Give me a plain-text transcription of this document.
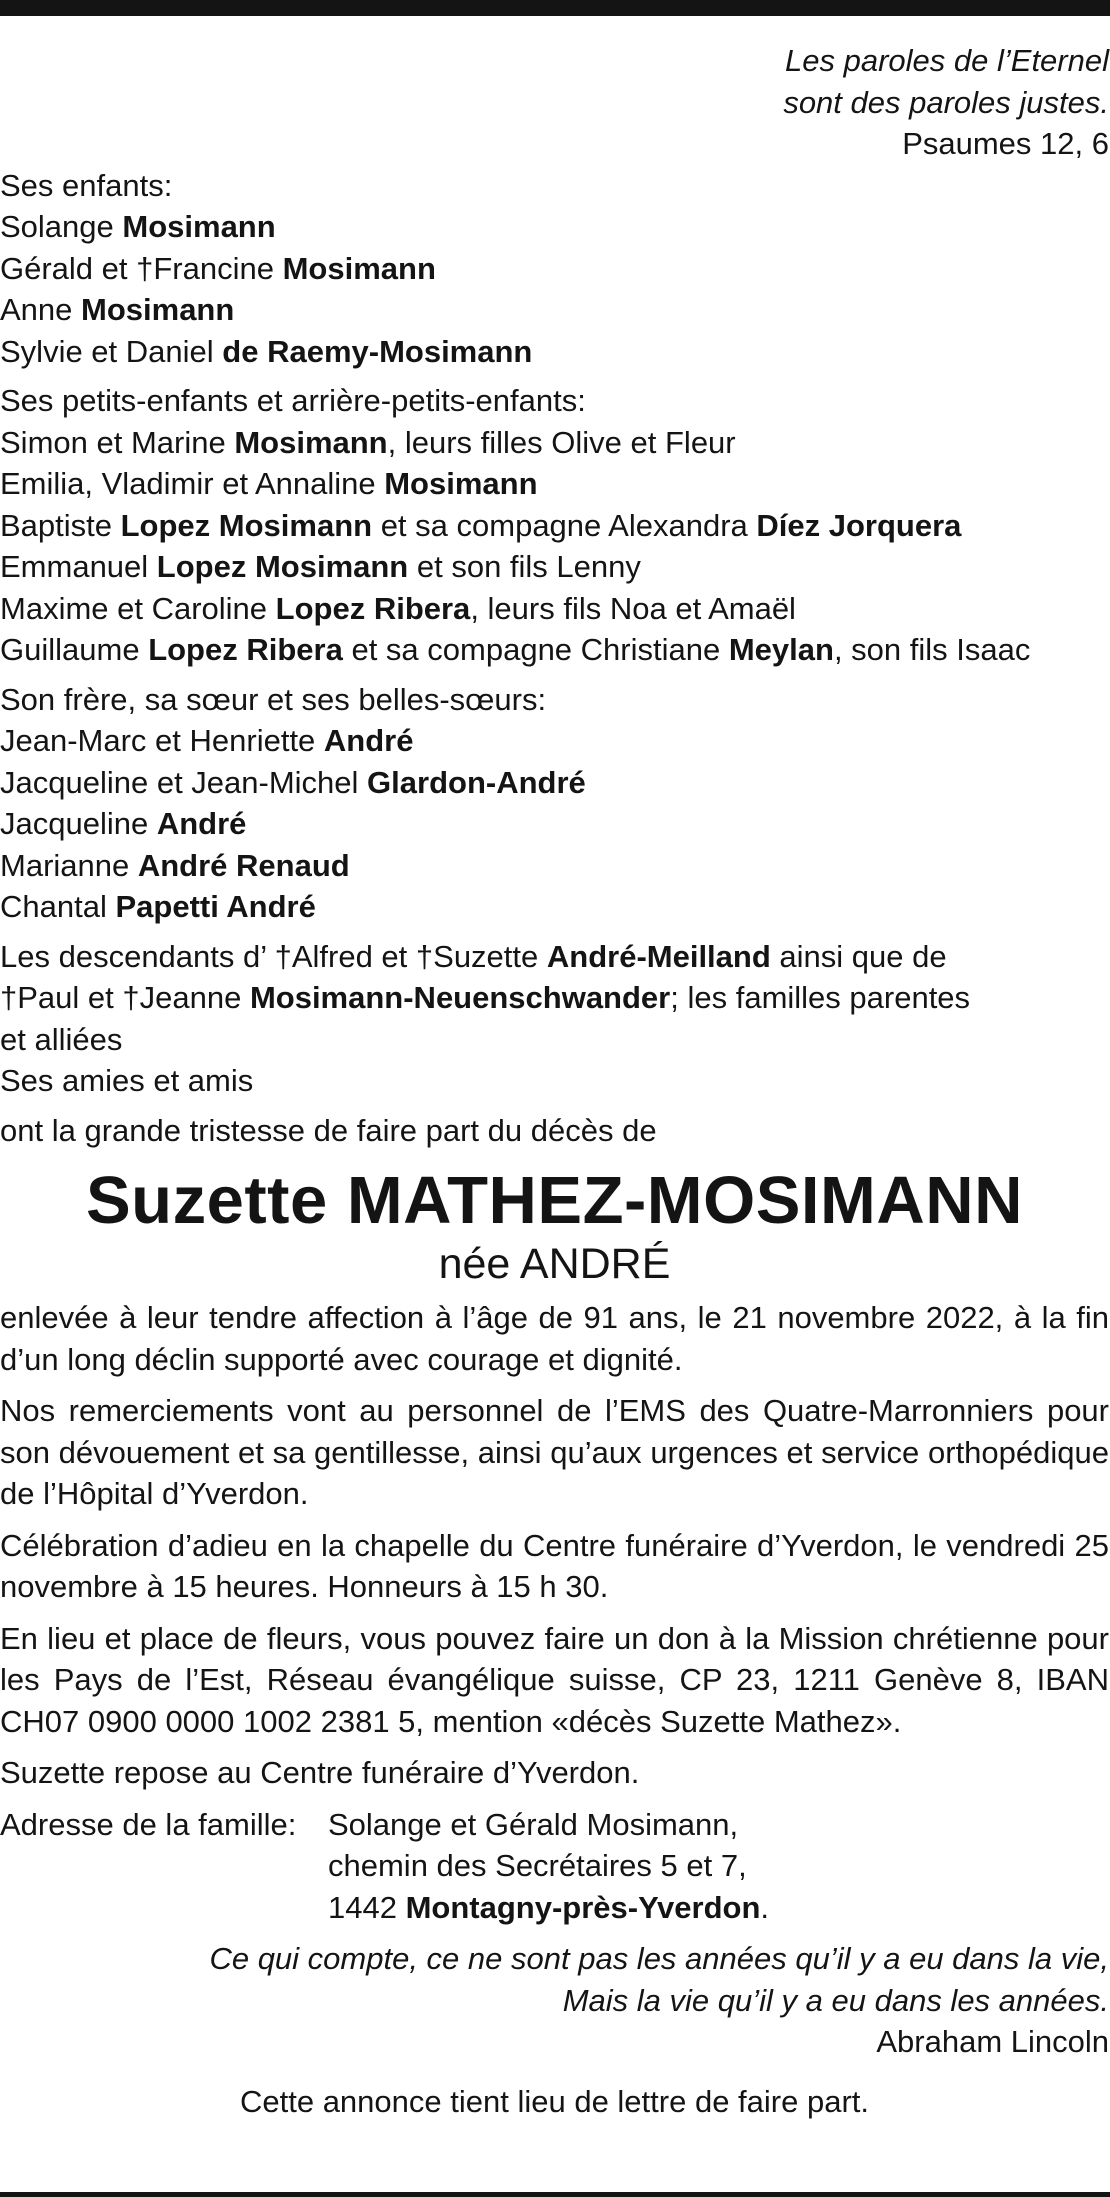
Les paroles de l’Eternel
sont des paroles justes.
Psaumes 12, 6
Ses enfants:
Solange Mosimann
Gérald et †Francine Mosimann
Anne Mosimann
Sylvie et Daniel de Raemy-Mosimann
Ses petits-enfants et arrière-petits-enfants:
Simon et Marine Mosimann, leurs filles Olive et Fleur
Emilia, Vladimir et Annaline Mosimann
Baptiste Lopez Mosimann et sa compagne Alexandra Díez Jorquera
Emmanuel Lopez Mosimann et son fils Lenny
Maxime et Caroline Lopez Ribera, leurs fils Noa et Amaël
Guillaume Lopez Ribera et sa compagne Christiane Meylan, son fils Isaac
Son frère, sa sœur et ses belles-sœurs:
Jean-Marc et Henriette André
Jacqueline et Jean-Michel Glardon-André
Jacqueline André
Marianne André Renaud
Chantal Papetti André
Les descendants d’ †Alfred et †Suzette André-Meilland ainsi que de
†Paul et †Jeanne Mosimann-Neuenschwander; les familles parentes
et alliées
Ses amies et amis
ont la grande tristesse de faire part du décès de
Suzette MATHEZ-MOSIMANN
née ANDRÉ
enlevée à leur tendre affection à l’âge de 91 ans, le 21 novembre 2022, à la fin d’un long déclin supporté avec courage et dignité.
Nos remerciements vont au personnel de l’EMS des Quatre-Marronniers pour son dévouement et sa gentillesse, ainsi qu’aux urgences et service orthopédique de l’Hôpital d’Yverdon.
Célébration d’adieu en la chapelle du Centre funéraire d’Yverdon, le vendredi 25 novembre à 15 heures. Honneurs à 15 h 30.
En lieu et place de fleurs, vous pouvez faire un don à la Mission chrétienne pour les Pays de l’Est, Réseau évangélique suisse, CP 23, 1211 Genève 8, IBAN CH07 0900 0000 1002 2381 5, mention «décès Suzette Mathez».
Suzette repose au Centre funéraire d’Yverdon.
Adresse de la famille:	Solange et Gérald Mosimann,
chemin des Secrétaires 5 et 7,
1442 Montagny-près-Yverdon.
Ce qui compte, ce ne sont pas les années qu’il y a eu dans la vie,
Mais la vie qu’il y a eu dans les années.
Abraham Lincoln
Cette annonce tient lieu de lettre de faire part.
